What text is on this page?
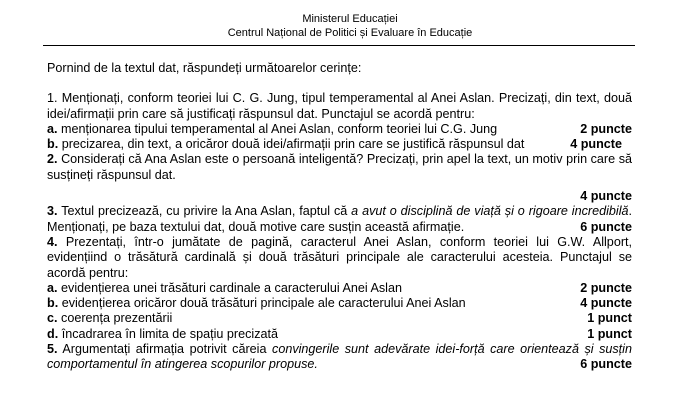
Ministerul Educației
Centrul Național de Politici și Evaluare în Educație

Pornind de la textul dat, răspundeți următoarelor cerințe:

1. Menționați, conform teoriei lui C. G. Jung, tipul temperamental al Anei Aslan. Precizați, din text, două idei/afirmații prin care să justificați răspunsul dat. Punctajul se acordă pentru:

a. menționarea tipului temperamental al Anei Aslan, conform teoriei lui C.G. Jung	2 puncte
b. precizarea, din text, a oricăror două idei/afirmații prin care se justifică răspunsul dat	4 puncte

2. Considerați că Ana Aslan este o persoană inteligentă? Precizați, prin apel la text, un motiv prin care să susțineți răspunsul dat.

4 puncte

3. Textul precizează, cu privire la Ana Aslan, faptul că a avut o disciplină de viață și o rigoare incredibilă. Menționați, pe baza textului dat, două motive care susțin această afirmație.	6 puncte

4. Prezentați, într-o jumătate de pagină, caracterul Anei Aslan, conform teoriei lui G.W. Allport, evidențiind o trăsătură cardinală și două trăsături principale ale caracterului acesteia. Punctajul se acordă pentru:

a. evidențierea unei trăsături cardinale a caracterului Anei Aslan	2 puncte
b. evidențierea oricăror două trăsături principale ale caracterului Anei Aslan	4 puncte
c. coerența prezentării	1 punct
d. încadrarea în limita de spațiu precizată	1 punct

5. Argumentați afirmația potrivit căreia convingerile sunt adevărate idei-forță care orientează și susțin comportamentul în atingerea scopurilor propuse.	6 puncte
